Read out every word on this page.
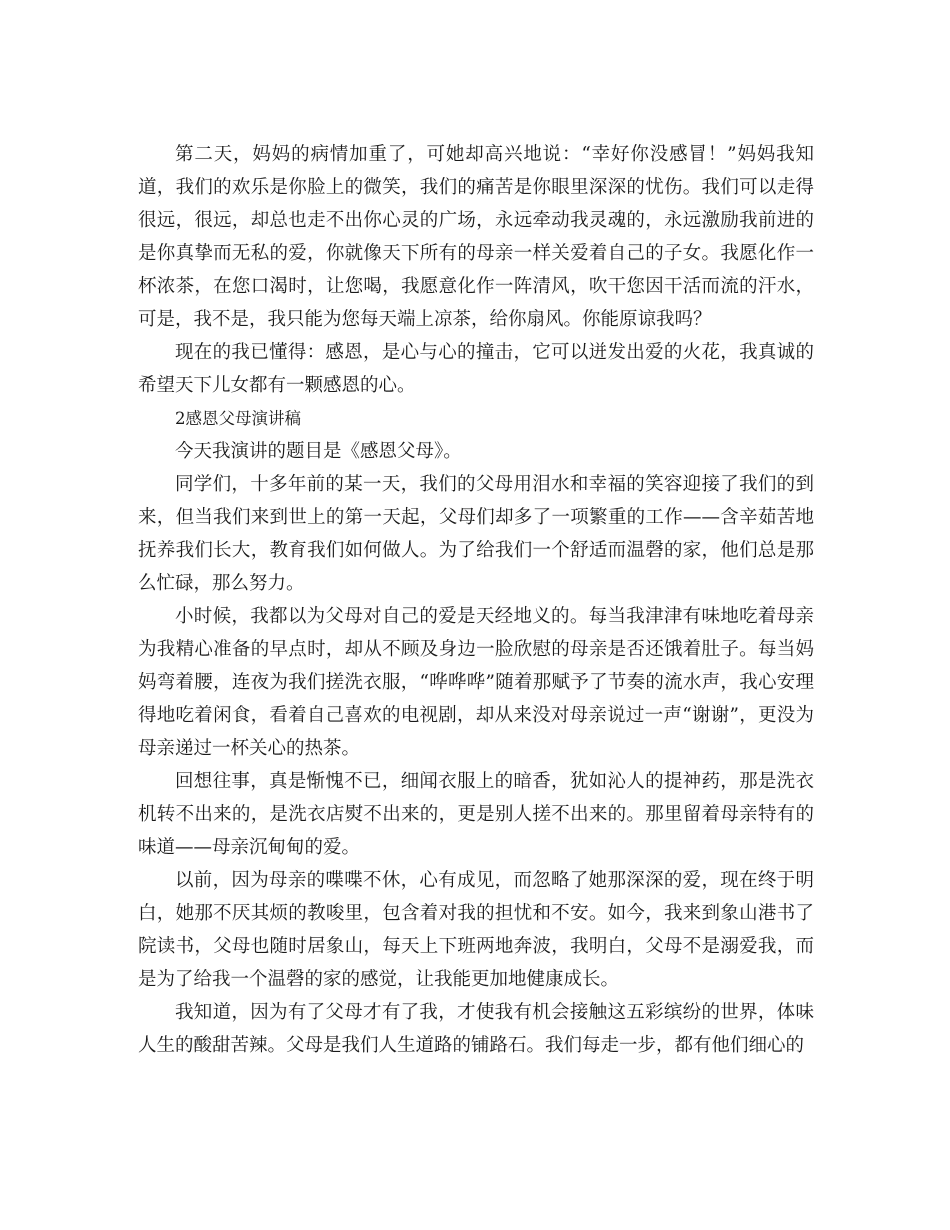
第二天，妈妈的病情加重了，可她却高兴地说：“幸好你没感冒！”妈妈我知道，我们的欢乐是你脸上的微笑，我们的痛苦是你眼里深深的忧伤。我们可以走得很远，很远，却总也走不出你心灵的广场，永远牵动我灵魂的，永远激励我前进的是你真挚而无私的爱，你就像天下所有的母亲一样关爱着自己的子女。我愿化作一杯浓茶，在您口渴时，让您喝，我愿意化作一阵清风，吹干您因干活而流的汗水，可是，我不是，我只能为您每天端上凉茶，给你扇风。你能原谅我吗？

现在的我已懂得：感恩，是心与心的撞击，它可以迸发出爱的火花，我真诚的希望天下儿女都有一颗感恩的心。

2感恩父母演讲稿

今天我演讲的题目是《感恩父母》。

同学们，十多年前的某一天，我们的父母用泪水和幸福的笑容迎接了我们的到来，但当我们来到世上的第一天起，父母们却多了一项繁重的工作——含辛茹苦地抚养我们长大，教育我们如何做人。为了给我们一个舒适而温磬的家，他们总是那么忙碌，那么努力。

小时候，我都以为父母对自己的爱是天经地义的。每当我津津有味地吃着母亲为我精心准备的早点时，却从不顾及身边一脸欣慰的母亲是否还饿着肚子。每当妈妈弯着腰，连夜为我们搓洗衣服，“哗哗哗”随着那赋予了节奏的流水声，我心安理得地吃着闲食，看着自己喜欢的电视剧，却从来没对母亲说过一声“谢谢”，更没为母亲递过一杯关心的热茶。

回想往事，真是惭愧不已，细闻衣服上的暗香，犹如沁人的提神药，那是洗衣机转不出来的，是洗衣店熨不出来的，更是别人搓不出来的。那里留着母亲特有的味道——母亲沉甸甸的爱。

以前，因为母亲的喋喋不休，心有成见，而忽略了她那深深的爱，现在终于明白，她那不厌其烦的教唆里，包含着对我的担忧和不安。如今，我来到象山港书了院读书，父母也随时居象山，每天上下班两地奔波，我明白，父母不是溺爱我，而是为了给我一个温磬的家的感觉，让我能更加地健康成长。

我知道，因为有了父母才有了我，才使我有机会接触这五彩缤纷的世界，体味人生的酸甜苦辣。父母是我们人生道路的铺路石。我们每走一步，都有他们细心的
